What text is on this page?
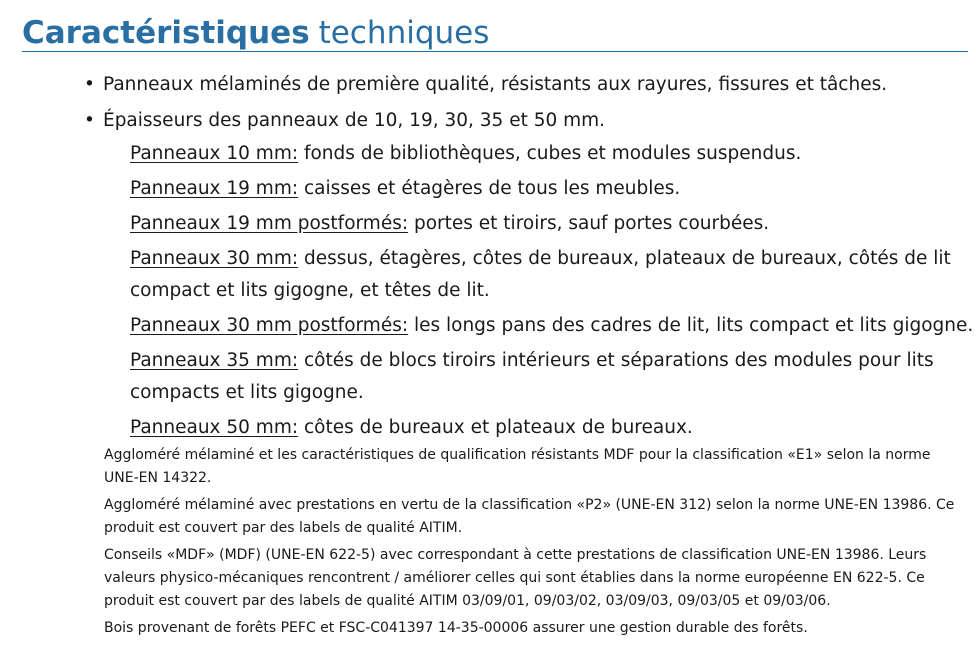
Caractéristiques techniques
• Panneaux mélaminés de première qualité, résistants aux rayures, fissures et tâches.
• Épaisseurs des panneaux de 10, 19, 30, 35 et 50 mm.

Panneaux 10 mm: fonds de bibliothèques, cubes et modules suspendus.

Panneaux 19 mm: caisses et étagères de tous les meubles.

Panneaux 19 mm postformés: portes et tiroirs, sauf portes courbées.

Panneaux 30 mm: dessus, étagères, côtes de bureaux, plateaux de bureaux, côtés de lit compact et lits gigogne, et têtes de lit.

Panneaux 30 mm postformés: les longs pans des cadres de lit, lits compact et lits gigogne.

Panneaux 35 mm: côtés de blocs tiroirs intérieurs et séparations des modules pour lits compacts et lits gigogne.

Panneaux 50 mm: côtes de bureaux et plateaux de bureaux.

Aggloméré mélaminé et les caractéristiques de qualification résistants MDF pour la classification «E1» selon la norme UNE-EN 14322.

Aggloméré mélaminé avec prestations en vertu de la classification «P2» (UNE-EN 312) selon la norme UNE-EN 13986. Ce produit est couvert par des labels de qualité AITIM.

Conseils «MDF» (MDF) (UNE-EN 622-5) avec correspondant à cette prestations de classification UNE-EN 13986. Leurs valeurs physico-mécaniques rencontrent / améliorer celles qui sont établies dans la norme européenne EN 622-5. Ce produit est couvert par des labels de qualité AITIM 03/09/01, 09/03/02, 03/09/03, 09/03/05 et 09/03/06.

Bois provenant de forêts PEFC et FSC-C041397 14-35-00006 assurer une gestion durable des forêts.
